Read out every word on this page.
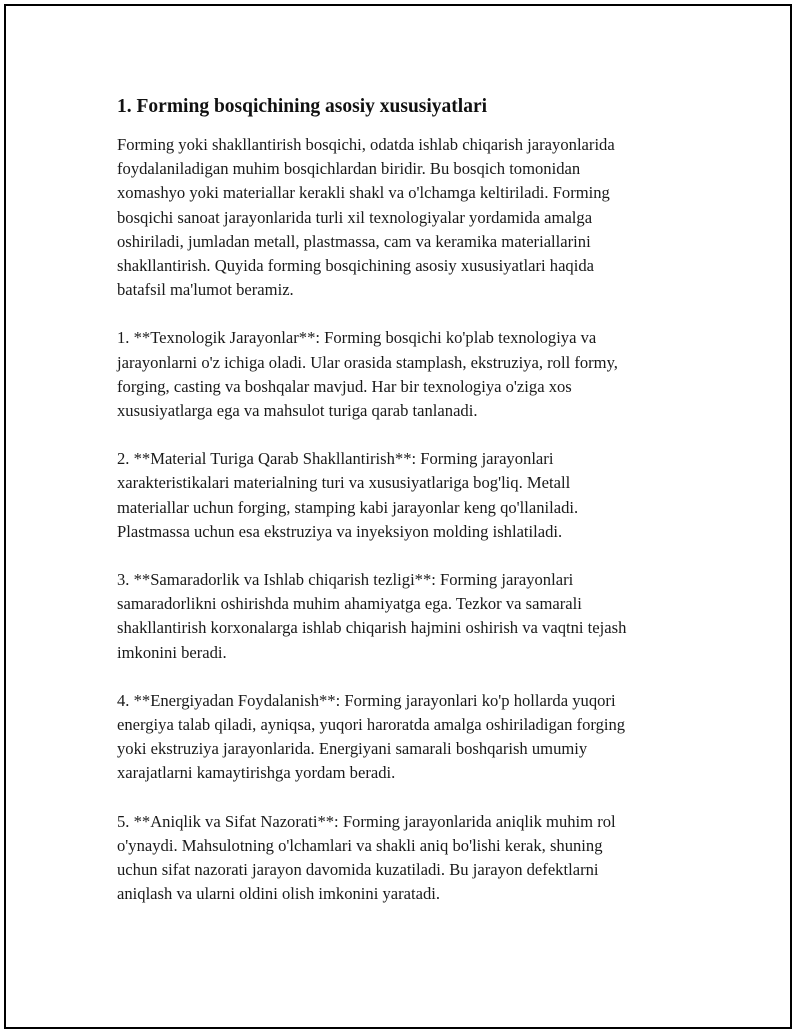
1. Forming bosqichining asosiy xususiyatlari

Forming yoki shakllantirish bosqichi, odatda ishlab chiqarish jarayonlarida
foydalaniladigan muhim bosqichlardan biridir. Bu bosqich tomonidan
xomashyo yoki materiallar kerakli shakl va o'lchamga keltiriladi. Forming
bosqichi sanoat jarayonlarida turli xil texnologiyalar yordamida amalga
oshiriladi, jumladan metall, plastmassa, cam va keramika materiallarini
shakllantirish. Quyida forming bosqichining asosiy xususiyatlari haqida
batafsil ma'lumot beramiz.

1. **Texnologik Jarayonlar**: Forming bosqichi ko'plab texnologiya va
jarayonlarni o'z ichiga oladi. Ular orasida stamplash, ekstruziya, roll formy,
forging, casting va boshqalar mavjud. Har bir texnologiya o'ziga xos
xususiyatlarga ega va mahsulot turiga qarab tanlanadi.

2. **Material Turiga Qarab Shakllantirish**: Forming jarayonlari
xarakteristikalari materialning turi va xususiyatlariga bog'liq. Metall
materiallar uchun forging, stamping kabi jarayonlar keng qo'llaniladi.
Plastmassa uchun esa ekstruziya va inyeksiyon molding ishlatiladi.

3. **Samaradorlik va Ishlab chiqarish tezligi**: Forming jarayonlari
samaradorlikni oshirishda muhim ahamiyatga ega. Tezkor va samarali
shakllantirish korxonalarga ishlab chiqarish hajmini oshirish va vaqtni tejash
imkonini beradi.

4. **Energiyadan Foydalanish**: Forming jarayonlari ko'p hollarda yuqori
energiya talab qiladi, ayniqsa, yuqori haroratda amalga oshiriladigan forging
yoki ekstruziya jarayonlarida. Energiyani samarali boshqarish umumiy
xarajatlarni kamaytirishga yordam beradi.

5. **Aniqlik va Sifat Nazorati**: Forming jarayonlarida aniqlik muhim rol
o'ynaydi. Mahsulotning o'lchamlari va shakli aniq bo'lishi kerak, shuning
uchun sifat nazorati jarayon davomida kuzatiladi. Bu jarayon defektlarni
aniqlash va ularni oldini olish imkonini yaratadi.
